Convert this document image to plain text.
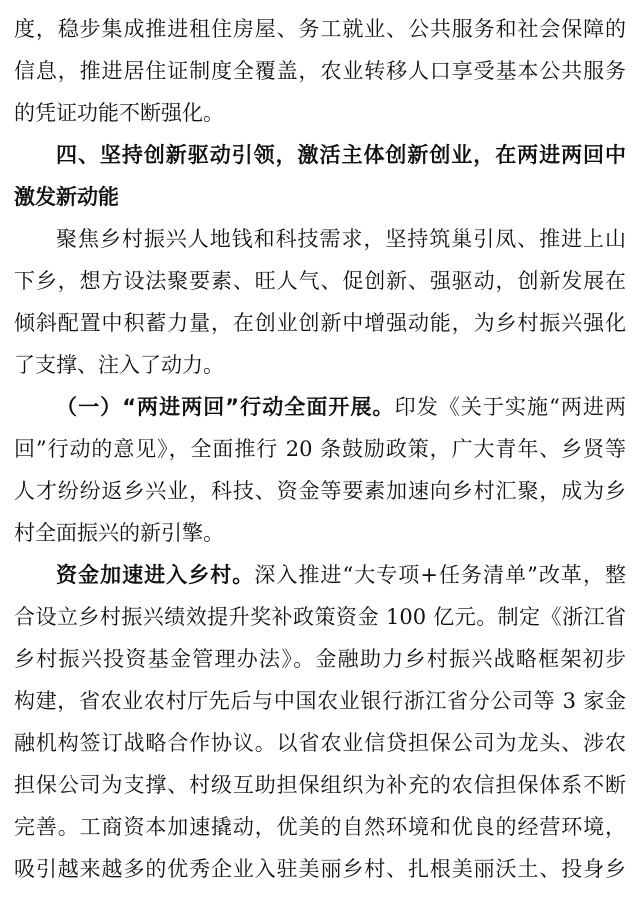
度，稳步集成推进租住房屋、务工就业、公共服务和社会保障的
信息，推进居住证制度全覆盖，农业转移人口享受基本公共服务
的凭证功能不断强化。
四、坚持创新驱动引领，激活主体创新创业，在两进两回中
激发新动能
聚焦乡村振兴人地钱和科技需求，坚持筑巢引凤、推进上山
下乡，想方设法聚要素、旺人气、促创新、强驱动，创新发展在
倾斜配置中积蓄力量，在创业创新中增强动能，为乡村振兴强化
了支撑、注入了动力。
（一）“两进两回”行动全面开展。印发《关于实施“两进两
回”行动的意见》，全面推行 20 条鼓励政策，广大青年、乡贤等
人才纷纷返乡兴业，科技、资金等要素加速向乡村汇聚，成为乡
村全面振兴的新引擎。
资金加速进入乡村。深入推进“大专项+任务清单”改革，整
合设立乡村振兴绩效提升奖补政策资金 100 亿元。制定《浙江省
乡村振兴投资基金管理办法》。金融助力乡村振兴战略框架初步
构建，省农业农村厅先后与中国农业银行浙江省分公司等 3 家金
融机构签订战略合作协议。以省农业信贷担保公司为龙头、涉农
担保公司为支撑、村级互助担保组织为补充的农信担保体系不断
完善。工商资本加速撬动，优美的自然环境和优良的经营环境，
吸引越来越多的优秀企业入驻美丽乡村、扎根美丽沃土、投身乡
